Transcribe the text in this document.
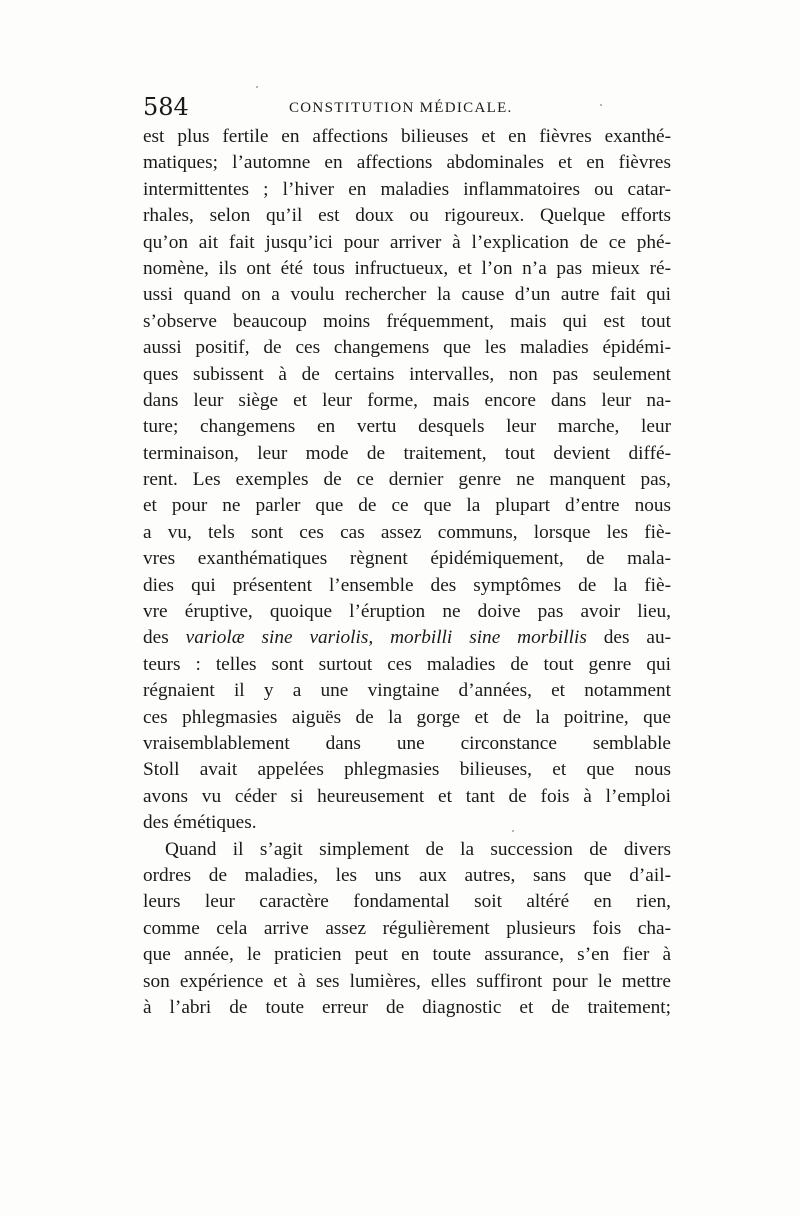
584	CONSTITUTION MÉDICALE.
est plus fertile en affections bilieuses et en fièvres exanthé-
matiques; l’automne en affections abdominales et en fièvres
intermittentes ; l’hiver en maladies inflammatoires ou catar-
rhales, selon qu’il est doux ou rigoureux. Quelque efforts
qu’on ait fait jusqu’ici pour arriver à l’explication de ce phé-
nomène, ils ont été tous infructueux, et l’on n’a pas mieux ré-
ussi quand on a voulu rechercher la cause d’un autre fait qui
s’observe beaucoup moins fréquemment, mais qui est tout
aussi positif, de ces changemens que les maladies épidémi-
ques subissent à de certains intervalles, non pas seulement
dans leur siège et leur forme, mais encore dans leur na-
ture; changemens en vertu desquels leur marche, leur
terminaison, leur mode de traitement, tout devient diffé-
rent. Les exemples de ce dernier genre ne manquent pas,
et pour ne parler que de ce que la plupart d’entre nous
a vu, tels sont ces cas assez communs, lorsque les fiè-
vres exanthématiques règnent épidémiquement, de mala-
dies qui présentent l’ensemble des symptômes de la fiè-
vre éruptive, quoique l’éruption ne doive pas avoir lieu,
des variolæ sine variolis, morbilli sine morbillis des au-
teurs : telles sont surtout ces maladies de tout genre qui
régnaient il y a une vingtaine d’années, et notamment
ces phlegmasies aiguës de la gorge et de la poitrine, que
vraisemblablement dans une circonstance semblable
Stoll avait appelées phlegmasies bilieuses, et que nous
avons vu céder si heureusement et tant de fois à l’emploi
des émétiques.
Quand il s’agit simplement de la succession de divers
ordres de maladies, les uns aux autres, sans que d’ail-
leurs leur caractère fondamental soit altéré en rien,
comme cela arrive assez régulièrement plusieurs fois cha-
que année, le praticien peut en toute assurance, s’en fier à
son expérience et à ses lumières, elles suffiront pour le mettre
à l’abri de toute erreur de diagnostic et de traitement;
